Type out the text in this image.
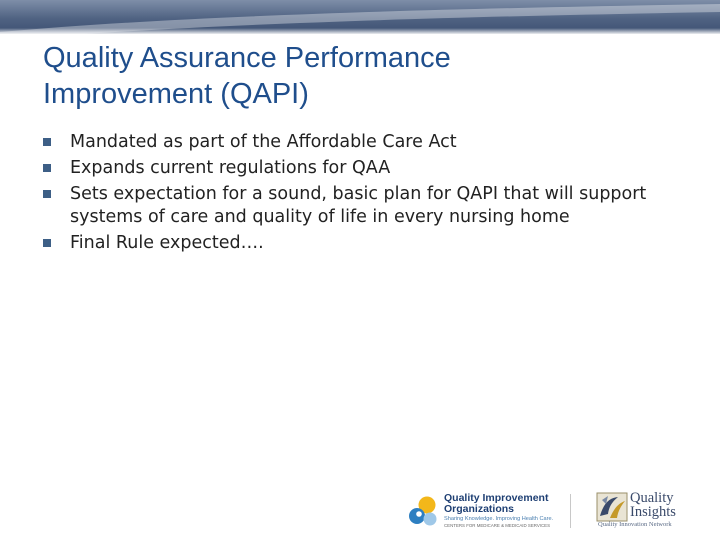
Quality Assurance Performance
Improvement (QAPI)
Mandated as part of the Affordable Care Act
Expands current regulations for QAA
Sets expectation for a sound, basic plan for QAPI that will support systems of care and quality of life in every nursing home
Final Rule expected….
Quality Improvement
Organizations
Sharing Knowledge. Improving Health Care.
CENTERS FOR MEDICARE & MEDICAID SERVICES
Quality
Insights
Quality Innovation Network
